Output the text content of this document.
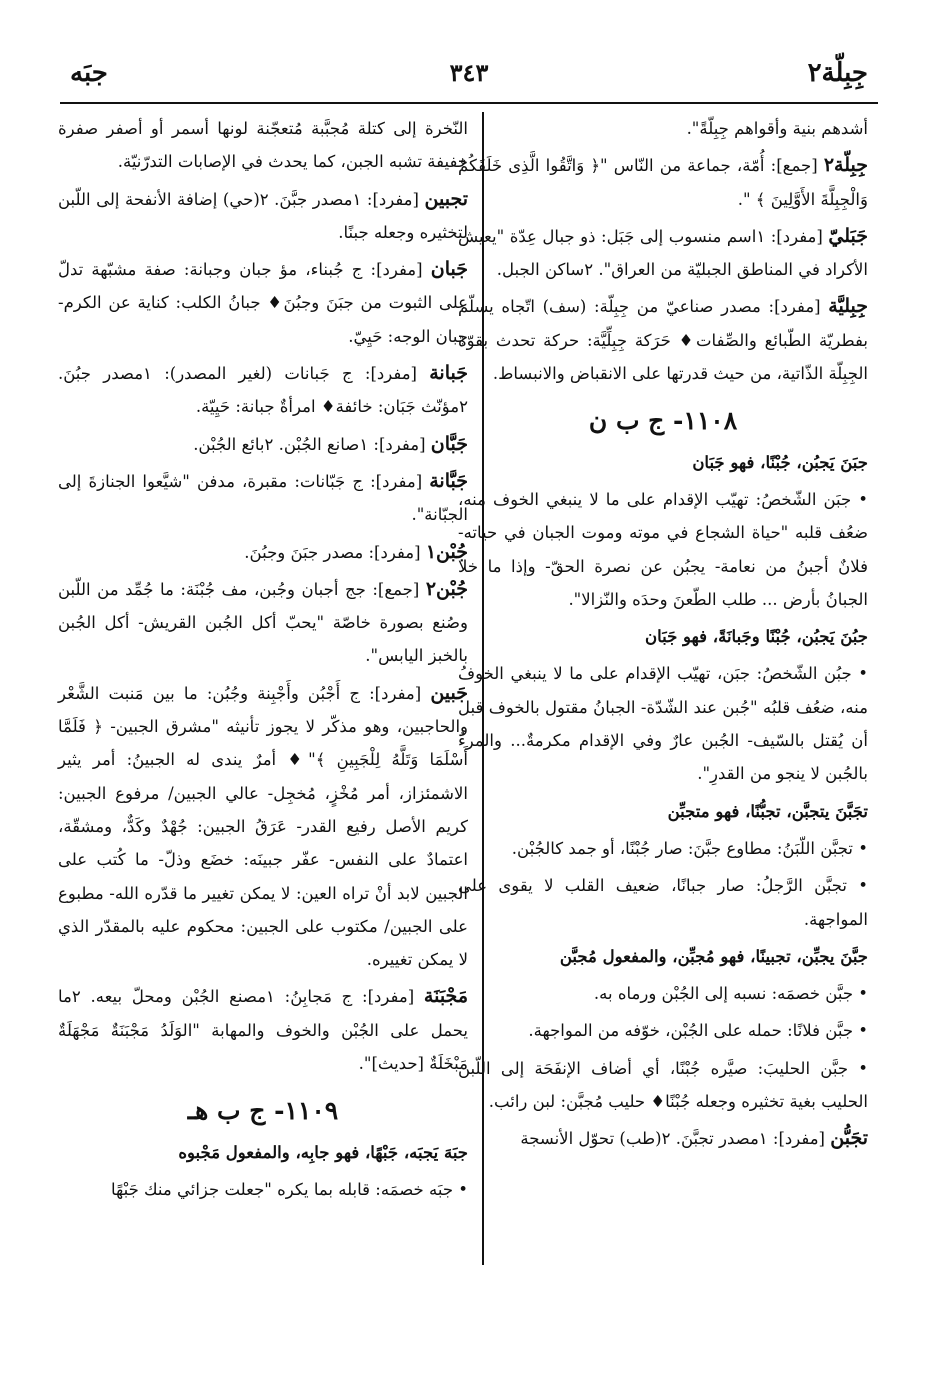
جِبِلّة٢
٣٤٣
جبَه

أشدهم بنية وأقواهم جِبِلّةً".

جِبِلّة٢ [جمع]: أُمّة، جماعة من النّاس "﴿ وَاتَّقُوا الَّذِى خَلَقَكُمْ وَالْجِبِلَّةَ الأَوَّلِينَ ﴾ ".

جَبَليّ [مفرد]: ١اسم منسوب إلى جَبَل: ذو جبال عِدّة "يعيش الأكراد في المناطق الجبليّة من العراق". ٢ساكن الجبل.

جِبِليَّة [مفرد]: مصدر صناعيّ من جِبِلّة: (سف) اتّجاه يسلّم بفطريّة الطّبائع والصِّفات♦ حَرَكة جِبِلِّيَّة: حركة تحدث بقوّة الجِبِلّة الذّاتية، من حيث قدرتها على الانقباض والانبساط.

١١٠٨- ج ب ن

جبَنَ يَجبُن، جُبْنًا، فهو جَبَان

• جبَن الشّخصُ: تهيّب الإقدام على ما لا ينبغي الخوف منه، ضعُف قلبه "حياة الشجاع في موته وموت الجبان في حياته- فلانٌ أجبنُ من نعامة- يجبُن عن نصرة الحقّ- وإذا ما خلا الجبانُ بأرض ... طلب الطّعنَ وحدَه والنّزالا".

جبُنَ يَجبُن، جُبْنًا وجَبانَةً، فهو جَبَان

• جبُن الشّخصُ: جبَن، تهيّب الإقدام على ما لا ينبغي الخوفُ منه، ضعُف قلبُه "جُبن عند الشّدّة- الجبانُ مقتول بالخوف قبل أن يُقتل بالسّيف- الجُبن عارٌ وفي الإقدام مكرمةٌ... والمرءُ بالجُبن لا ينجو من القدرِ".

تجَبَّنَ يتجبَّن، تجبُّنًا، فهو متجبِّن

• تجبَّن اللّبَنُ: مطاوع جبَّنَ: صار جُبْنًا، أو جمد كالجُبْن.

• تجبَّن الرَّجلُ: صار جبانًا، ضعيف القلب لا يقوى على المواجهة.

جبَّنَ يجبِّن، تجبينًا، فهو مُجبِّن، والمفعول مُجبَّن

• جبَّن خصمَه: نسبه إلى الجُبْن ورماه به.

• جبَّن فلانًا: حمله على الجُبْن، خوّفه من المواجهة.

• جبَّن الحليبَ: صيَّره جُبْنًا، أي أضاف الإنفَحَة إلى اللّبن الحليب بغية تخثيره وجعله جُبْنًا♦ حليب مُجبَّن: لبن رائب.

تجَبُّن [مفرد]: ١مصدر تجبَّنَ. ٢(طب) تحوّل الأنسجة

النّخرة إلى كتلة مُجبَّبة مُتعجّنة لونها أسمر أو أصفر صفرة خفيفة تشبه الجبن، كما يحدث في الإصابات التدرّنيّة.

تجبين [مفرد]: ١مصدر جبَّنَ. ٢(حي) إضافة الأنفحة إلى اللّبن لتخثيره وجعله جبنًا.

جَبان [مفرد]: ج جُبناء، مؤ جبان وجبانة: صفة مشبّهة تدلّ على الثبوت من جبَنَ وجبُنَ♦ جبانُ الكلب: كناية عن الكرم- جبان الوجه: حَيِيّ.

جَبانة [مفرد]: ج جَبانات (لغير المصدر): ١مصدر جبُنَ. ٢مؤنّث جَبَان: خائفة♦ امرأةٌ جبانة: حَيِيّة.

جَبَّان [مفرد]: ١صانع الجُبْن. ٢بائع الجُبْن.

جَبَّانة [مفرد]: ج جَبّانات: مقبرة، مدفن "شيَّعوا الجنازةَ إلى الجبّانة".

جُبْن١ [مفرد]: مصدر جبَنَ وجبُنَ.

جُبْن٢ [جمع]: جج أجبان وجُبن، مف جُبْنَة: ما جُمِّد من اللّبن وصُنع بصورة خاصّة "يحبّ أكل الجُبن القريش- أكل الجُبن بالخبز اليابس".

جَبين [مفرد]: ج أَجْبُن وأَجْبِنة وجُبُن: ما بين مَنبت الشَّعْر والحاجبين، وهو مذكّر لا يجوز تأنيثه "مشرق الجبين- ﴿ فَلَمَّا أَسْلَمَا وَتَلَّهُ لِلْجَبِينِ ﴾"♦ أمرٌ يندى له الجبينُ: أمر يثير الاشمئزاز، أمر مُخْزٍ، مُخجِل- عالي الجبين/ مرفوع الجبين: كريم الأصل رفيع القدر- عَرَقُ الجبين: جُهْدٌ وكَدٌّ، ومشقّة، اعتمادٌ على النفس- عفّر جبينَه: خضَع وذلّ- ما كُتب على الجبين لابد أنْ تراه العين: لا يمكن تغيير ما قدّره الله- مطبوع على الجبين/ مكتوب على الجبين: محكوم عليه بالمقدّر الذي لا يمكن تغييره.

مَجْبَنَة [مفرد]: ج مَجابِنُ: ١مصنع الجُبْن ومحلّ بيعه. ٢ما يحمل على الجُبْن والخوف والمهابة "الوَلَدُ مَجْبَنَةٌ مَجْهَلَةٌ مَبْخَلَةٌ [حديث]".

١١٠٩- ج ب هـ

جبَهَ يَجبَه، جَبْهًا، فهو جابِه، والمفعول مَجْبوه

• جبَه خصمَه: قابله بما يكره "جعلت جزائي منك جَبْهًا
